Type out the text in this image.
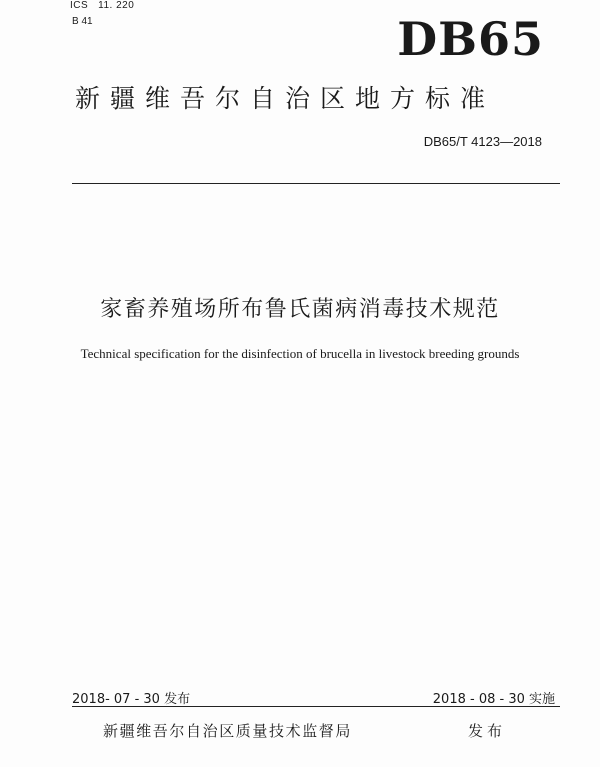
ICS 11. 220
B 41	DB65
新疆维吾尔自治区地方标准
DB65/T 4123—2018
家畜养殖场所布鲁氏菌病消毒技术规范
Technical specification for the disinfection of brucella in livestock breeding grounds
2018- 07 - 30 发布	2018 - 08 - 30 实施
新疆维吾尔自治区质量技术监督局	发布
